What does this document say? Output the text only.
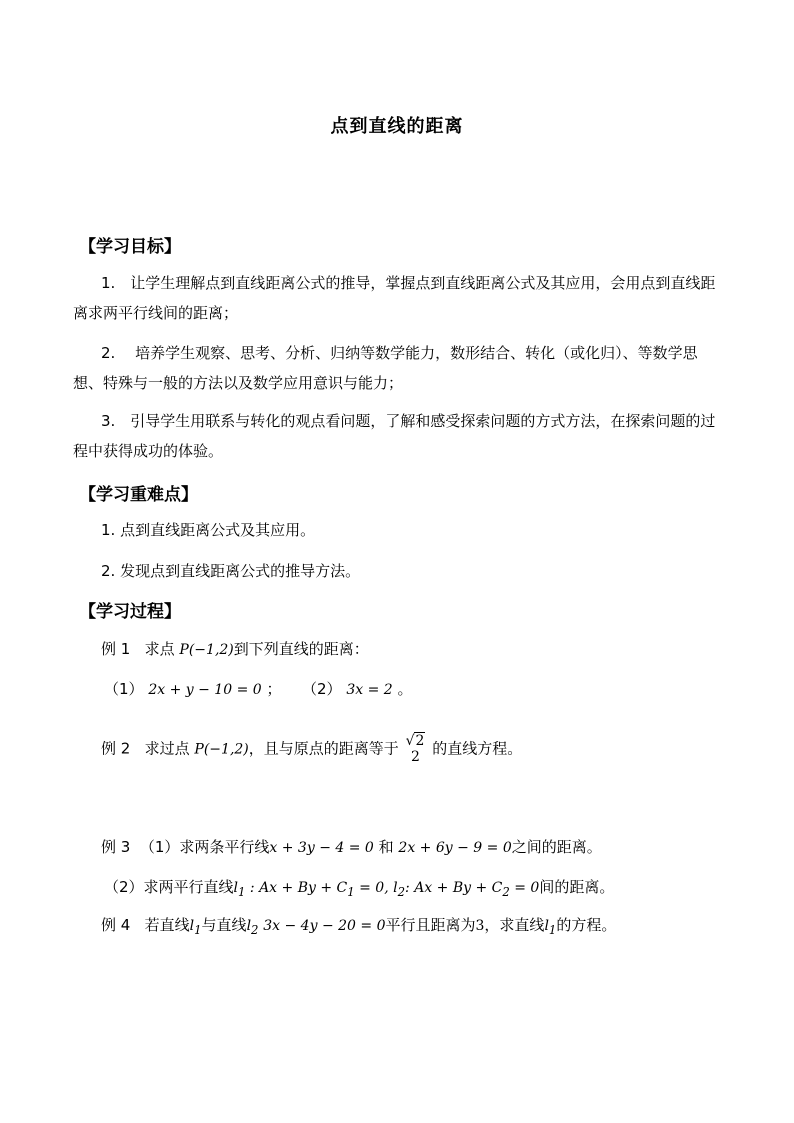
点到直线的距离
【学习目标】
1.　让学生理解点到直线距离公式的推导，掌握点到直线距离公式及其应用，会用点到直线距离求两平行线间的距离；
2.　 培养学生观察、思考、分析、归纳等数学能力，数形结合、转化（或化归）、等数学思想、特殊与一般的方法以及数学应用意识与能力；
3.　引导学生用联系与转化的观点看问题，了解和感受探索问题的方式方法，在探索问题的过程中获得成功的体验。
【学习重难点】
1. 点到直线距离公式及其应用。
2. 发现点到直线距离公式的推导方法。
【学习过程】
例 1 求点 P(−1,2)到下列直线的距离：
（1） 2x + y − 10 = 0 ； （2） 3x = 2 。
例 2 求过点 P(−1,2)，且与原点的距离等于 √2
2 的直线方程。
例 3 （1）求两条平行线x + 3y − 4 = 0 和 2x + 6y − 9 = 0之间的距离。
（2）求两平行直线$l_1$ : $Ax + By + C_1 = 0$, $l_2$: $Ax + By + C_2 = 0$间的距离。
例 4 若直线$l_1$与直线$l_2$ 3x − 4y − 20 = 0平行且距离为3，求直线$l_1$的方程。
